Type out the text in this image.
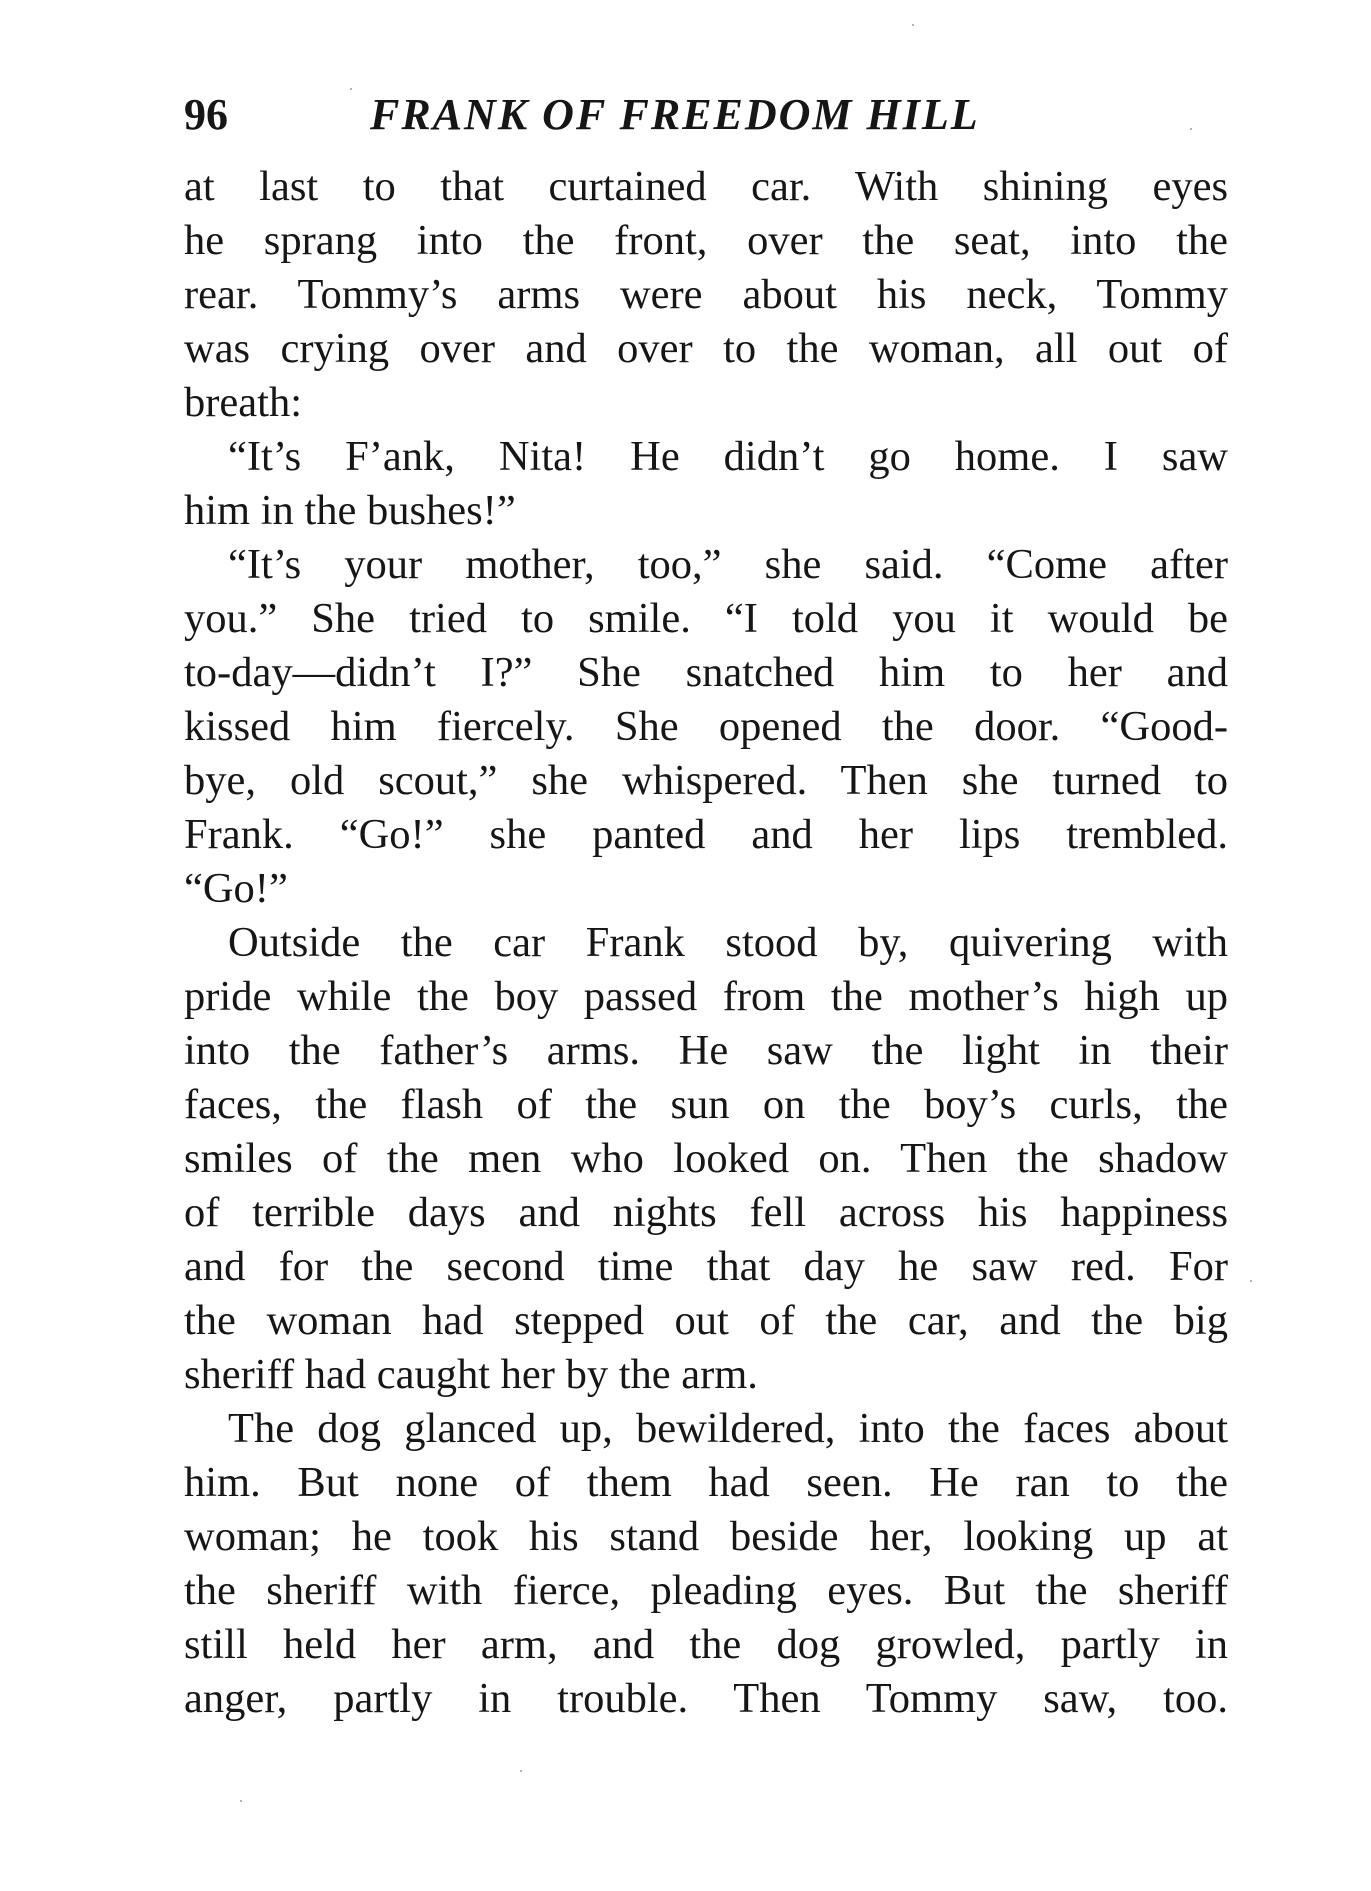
96	FRANK OF FREEDOM HILL
at last to that curtained car. With shining eyes
he sprang into the front, over the seat, into the
rear. Tommy’s arms were about his neck, Tommy
was crying over and over to the woman, all out of
breath:
“It’s F’ank, Nita! He didn’t go home. I saw
him in the bushes!”
“It’s your mother, too,” she said. “Come after
you.” She tried to smile. “I told you it would be
to-day—didn’t I?” She snatched him to her and
kissed him fiercely. She opened the door. “Good-
bye, old scout,” she whispered. Then she turned to
Frank. “Go!” she panted and her lips trembled.
“Go!”
Outside the car Frank stood by, quivering with
pride while the boy passed from the mother’s high up
into the father’s arms. He saw the light in their
faces, the flash of the sun on the boy’s curls, the
smiles of the men who looked on. Then the shadow
of terrible days and nights fell across his happiness
and for the second time that day he saw red. For
the woman had stepped out of the car, and the big
sheriff had caught her by the arm.
The dog glanced up, bewildered, into the faces about
him. But none of them had seen. He ran to the
woman; he took his stand beside her, looking up at
the sheriff with fierce, pleading eyes. But the sheriff
still held her arm, and the dog growled, partly in
anger, partly in trouble. Then Tommy saw, too.
